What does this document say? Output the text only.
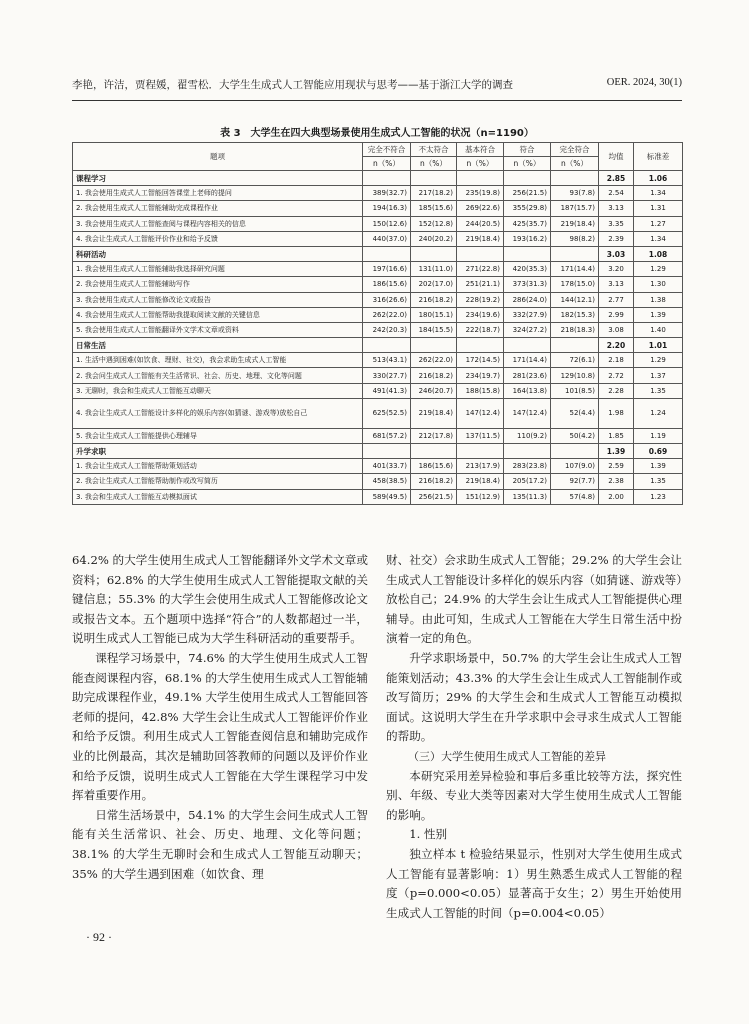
李艳，许洁，贾程媛，翟雪松．大学生生成式人工智能应用现状与思考——基于浙江大学的调查	OER. 2024, 30(1)
表 3　大学生在四大典型场景使用生成式人工智能的状况（n=1190）
题项	完全不符合	不太符合	基本符合	符合	完全符合	均值	标准差
	n（%）	n（%）	n（%）	n（%）	n（%）		
课程学习						2.85	1.06
1. 我会使用生成式人工智能回答课堂上老师的提问	389(32.7)	217(18.2)	235(19.8)	256(21.5)	93(7.8)	2.54	1.34
2. 我会使用生成式人工智能辅助完成课程作业	194(16.3)	185(15.6)	269(22.6)	355(29.8)	187(15.7)	3.13	1.31
3. 我会使用生成式人工智能查阅与课程内容相关的信息	150(12.6)	152(12.8)	244(20.5)	425(35.7)	219(18.4)	3.35	1.27
4. 我会让生成式人工智能评价作业和给予反馈	440(37.0)	240(20.2)	219(18.4)	193(16.2)	98(8.2)	2.39	1.34
科研活动						3.03	1.08
1. 我会使用生成式人工智能辅助我选择研究问题	197(16.6)	131(11.0)	271(22.8)	420(35.3)	171(14.4)	3.20	1.29
2. 我会使用生成式人工智能辅助写作	186(15.6)	202(17.0)	251(21.1)	373(31.3)	178(15.0)	3.13	1.30
3. 我会使用生成式人工智能修改论文或报告	316(26.6)	216(18.2)	228(19.2)	286(24.0)	144(12.1)	2.77	1.38
4. 我会使用生成式人工智能帮助我提取阅读文献的关键信息	262(22.0)	180(15.1)	234(19.6)	332(27.9)	182(15.3)	2.99	1.39
5. 我会使用生成式人工智能翻译外文学术文章或资料	242(20.3)	184(15.5)	222(18.7)	324(27.2)	218(18.3)	3.08	1.40
日常生活						2.20	1.01
1. 生活中遇到困难(如饮食、理财、社交)，我会求助生成式人工智能	513(43.1)	262(22.0)	172(14.5)	171(14.4)	72(6.1)	2.18	1.29
2. 我会问生成式人工智能有关生活常识、社会、历史、地理、文化等问题	330(27.7)	216(18.2)	234(19.7)	281(23.6)	129(10.8)	2.72	1.37
3. 无聊时，我会和生成式人工智能互动聊天	491(41.3)	246(20.7)	188(15.8)	164(13.8)	101(8.5)	2.28	1.35
4. 我会让生成式人工智能设计多样化的娱乐内容(如猜谜、游戏等)放松自己	625(52.5)	219(18.4)	147(12.4)	147(12.4)	52(4.4)	1.98	1.24
5. 我会让生成式人工智能提供心理辅导	681(57.2)	212(17.8)	137(11.5)	110(9.2)	50(4.2)	1.85	1.19
升学求职						1.39	0.69
1. 我会让生成式人工智能帮助策划活动	401(33.7)	186(15.6)	213(17.9)	283(23.8)	107(9.0)	2.59	1.39
2. 我会让生成式人工智能帮助制作或改写简历	458(38.5)	216(18.2)	219(18.4)	205(17.2)	92(7.7)	2.38	1.35
3. 我会和生成式人工智能互动模拟面试	589(49.5)	256(21.5)	151(12.9)	135(11.3)	57(4.8)	2.00	1.23

64.2% 的大学生使用生成式人工智能翻译外文学术文章或资料；62.8% 的大学生使用生成式人工智能提取文献的关键信息；55.3% 的大学生会使用生成式人工智能修改论文或报告文本。五个题项中选择“符合”的人数都超过一半，说明生成式人工智能已成为大学生科研活动的重要帮手。

课程学习场景中，74.6% 的大学生使用生成式人工智能查阅课程内容，68.1% 的大学生使用生成式人工智能辅助完成课程作业，49.1% 大学生使用生成式人工智能回答老师的提问，42.8% 大学生会让生成式人工智能评价作业和给予反馈。利用生成式人工智能查阅信息和辅助完成作业的比例最高，其次是辅助回答教师的问题以及评价作业和给予反馈，说明生成式人工智能在大学生课程学习中发挥着重要作用。

日常生活场景中，54.1% 的大学生会问生成式人工智能有关生活常识、社会、历史、地理、文化等问题；38.1% 的大学生无聊时会和生成式人工智能互动聊天；35% 的大学生遇到困难（如饮食、理

财、社交）会求助生成式人工智能；29.2% 的大学生会让生成式人工智能设计多样化的娱乐内容（如猜谜、游戏等）放松自己；24.9% 的大学生会让生成式人工智能提供心理辅导。由此可知，生成式人工智能在大学生日常生活中扮演着一定的角色。

升学求职场景中，50.7% 的大学生会让生成式人工智能策划活动；43.3% 的大学生会让生成式人工智能制作或改写简历；29% 的大学生会和生成式人工智能互动模拟面试。这说明大学生在升学求职中会寻求生成式人工智能的帮助。

（三）大学生使用生成式人工智能的差异

本研究采用差异检验和事后多重比较等方法，探究性别、年级、专业大类等因素对大学生使用生成式人工智能的影响。

1. 性别

独立样本 t 检验结果显示，性别对大学生使用生成式人工智能有显著影响：1）男生熟悉生成式人工智能的程度（p=0.000<0.05）显著高于女生；2）男生开始使用生成式人工智能的时间（p=0.004<0.05）

· 92 ·
